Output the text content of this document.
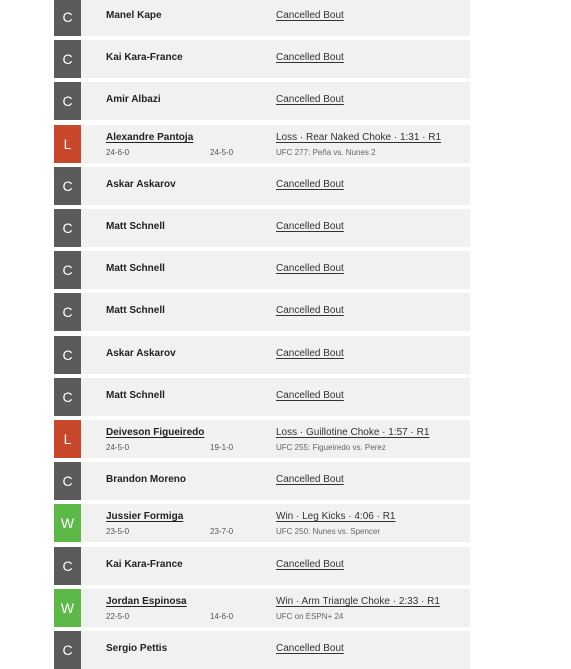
C	Manel Kape	Cancelled Bout
C	Kai Kara-France	Cancelled Bout
C	Amir Albazi	Cancelled Bout
L	Alexandre Pantoja	Loss · Rear Naked Choke · 1:31 · R1
24-6-0	24-5-0	UFC 277: Peña vs. Nunes 2
C	Askar Askarov	Cancelled Bout
C	Matt Schnell	Cancelled Bout
C	Matt Schnell	Cancelled Bout
C	Matt Schnell	Cancelled Bout
C	Askar Askarov	Cancelled Bout
C	Matt Schnell	Cancelled Bout
L	Deiveson Figueiredo	Loss · Guillotine Choke · 1:57 · R1
24-5-0	19-1-0	UFC 255: Figueiredo vs. Perez
C	Brandon Moreno	Cancelled Bout
W	Jussier Formiga	Win · Leg Kicks · 4:06 · R1
23-5-0	23-7-0	UFC 250: Nunes vs. Spencer
C	Kai Kara-France	Cancelled Bout
W	Jordan Espinosa	Win · Arm Triangle Choke · 2:33 · R1
22-5-0	14-6-0	UFC on ESPN+ 24
C	Sergio Pettis	Cancelled Bout
